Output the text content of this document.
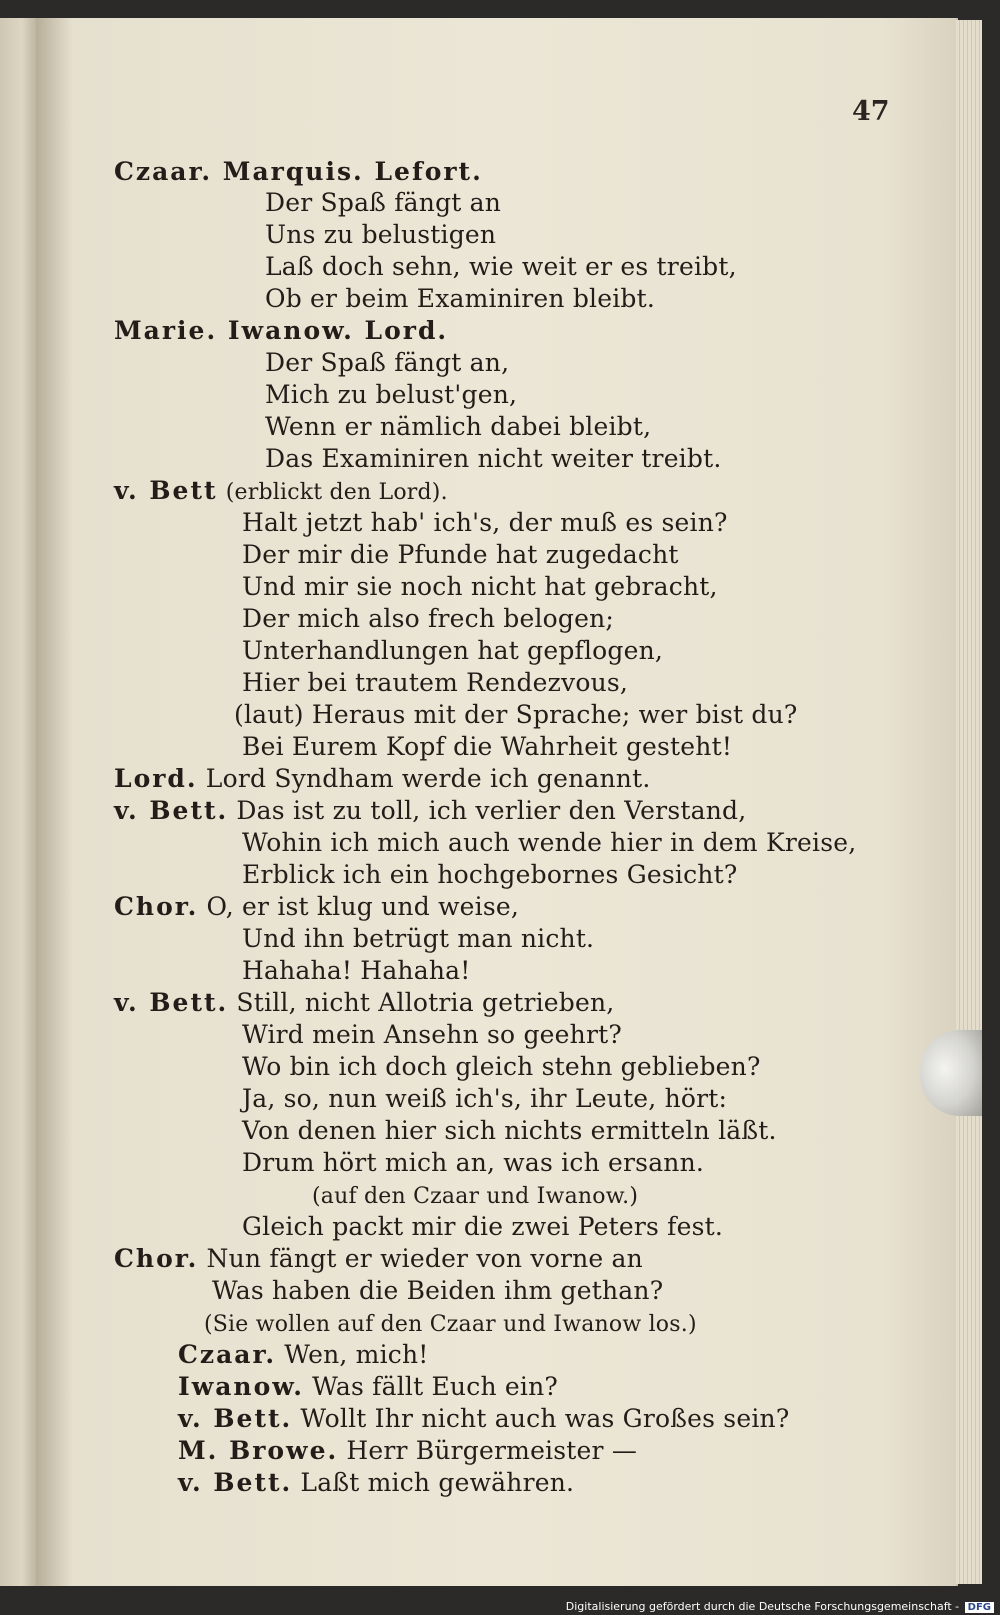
47
Czaar. Marquis. Lefort.
Der Spaß fängt an
Uns zu belustigen
Laß doch sehn, wie weit er es treibt,
Ob er beim Examiniren bleibt.
Marie. Iwanow. Lord.
Der Spaß fängt an,
Mich zu belust'gen,
Wenn er nämlich dabei bleibt,
Das Examiniren nicht weiter treibt.
v. Bett (erblickt den Lord).
Halt jetzt hab' ich's, der muß es sein?
Der mir die Pfunde hat zugedacht
Und mir sie noch nicht hat gebracht,
Der mich also frech belogen;
Unterhandlungen hat gepflogen,
Hier bei trautem Rendezvous,
(laut) Heraus mit der Sprache; wer bist du?
Bei Eurem Kopf die Wahrheit gesteht!
Lord. Lord Syndham werde ich genannt.
v. Bett. Das ist zu toll, ich verlier den Verstand,
Wohin ich mich auch wende hier in dem Kreise,
Erblick ich ein hochgebornes Gesicht?
Chor. O, er ist klug und weise,
Und ihn betrügt man nicht.
Hahaha! Hahaha!
v. Bett. Still, nicht Allotria getrieben,
Wird mein Ansehn so geehrt?
Wo bin ich doch gleich stehn geblieben?
Ja, so, nun weiß ich's, ihr Leute, hört:
Von denen hier sich nichts ermitteln läßt.
Drum hört mich an, was ich ersann.
(auf den Czaar und Iwanow.)
Gleich packt mir die zwei Peters fest.
Chor. Nun fängt er wieder von vorne an
Was haben die Beiden ihm gethan?
(Sie wollen auf den Czaar und Iwanow los.)
Czaar. Wen, mich!
Iwanow. Was fällt Euch ein?
v. Bett. Wollt Ihr nicht auch was Großes sein?
M. Browe. Herr Bürgermeister —
v. Bett. Laßt mich gewähren.
Digitalisierung gefördert durch die Deutsche Forschungsgemeinschaft - DFG
